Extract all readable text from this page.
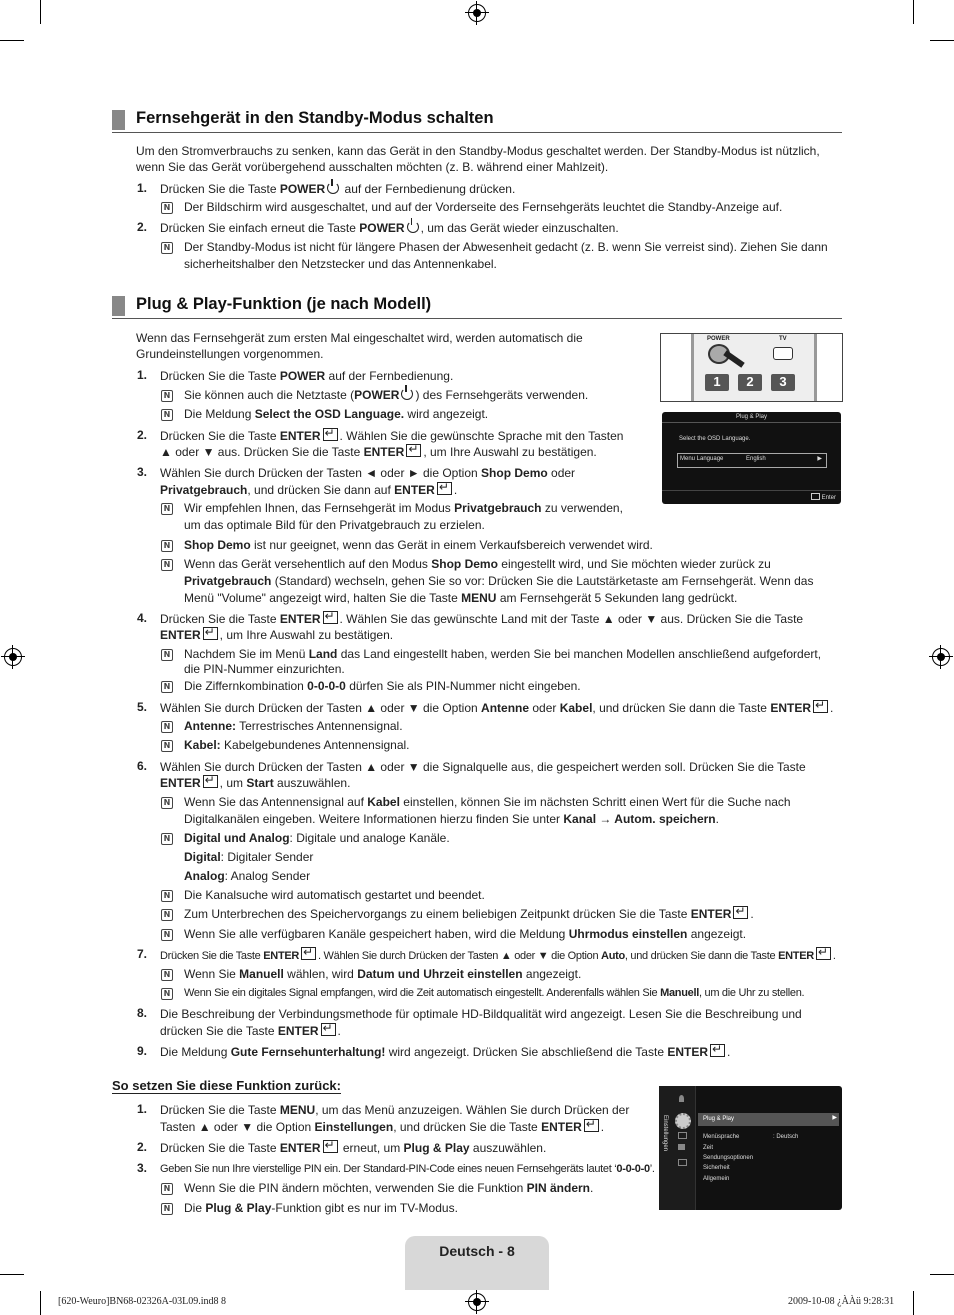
Fernsehgerät in den Standby-Modus schalten
Um den Stromverbrauchs zu senken, kann das Gerät in den Standby-Modus geschaltet werden. Der Standby-Modus ist nützlich,
wenn Sie das Gerät vorübergehend ausschalten möchten (z. B. während einer Mahlzeit).
1. Drücken Sie die Taste POWER auf der Fernbedienung drücken.
N
Der Bildschirm wird ausgeschaltet, und auf der Vorderseite des Fernsehgeräts leuchtet die Standby-Anzeige auf.
2. Drücken Sie einfach erneut die Taste POWER , um das Gerät wieder einzuschalten.
N
Der Standby-Modus ist nicht für längere Phasen der Abwesenheit gedacht (z. B. wenn Sie verreist sind). Ziehen Sie dann
sicherheitshalber den Netzstecker und das Antennenkabel.
Plug & Play-Funktion (je nach Modell)
Wenn das Fernsehgerät zum ersten Mal eingeschaltet wird, werden automatisch die
Grundeinstellungen vorgenommen.
POWER	TV
1	2	3
Plug & Play
Select the OSD Language.
Menu Language	English	▶
Enter
1. Drücken Sie die Taste POWER auf der Fernbedienung.
N
Sie können auch die Netztaste (POWER ) des Fernsehgeräts verwenden.
N
Die Meldung Select the OSD Language. wird angezeigt.
2. Drücken Sie die Taste ENTER ↵ . Wählen Sie die gewünschte Sprache mit den Tasten
▲ oder ▼ aus. Drücken Sie die Taste ENTER ↵ , um Ihre Auswahl zu bestätigen.
3. Wählen Sie durch Drücken der Tasten ◄ oder ► die Option Shop Demo oder
Privatgebrauch, und drücken Sie dann auf ENTER ↵ .
N
Wir empfehlen Ihnen, das Fernsehgerät im Modus Privatgebrauch zu verwenden,
um das optimale Bild für den Privatgebrauch zu erzielen.
N
Shop Demo ist nur geeignet, wenn das Gerät in einem Verkaufsbereich verwendet wird.
N
Wenn das Gerät versehentlich auf den Modus Shop Demo eingestellt wird, und Sie möchten wieder zurück zu
Privatgebrauch (Standard) wechseln, gehen Sie so vor: Drücken Sie die Lautstärketaste am Fernsehgerät. Wenn das
Menü "Volume" angezeigt wird, halten Sie die Taste MENU am Fernsehgerät 5 Sekunden lang gedrückt.
4. Drücken Sie die Taste ENTER ↵ . Wählen Sie das gewünschte Land mit der Taste ▲ oder ▼ aus. Drücken Sie die Taste
ENTER ↵ , um Ihre Auswahl zu bestätigen.
N
Nachdem Sie im Menü Land das Land eingestellt haben, werden Sie bei manchen Modellen anschließend aufgefordert,
die PIN-Nummer einzurichten.
N
Die Ziffernkombination 0-0-0-0 dürfen Sie als PIN-Nummer nicht eingeben.
5. Wählen Sie durch Drücken der Tasten ▲ oder ▼ die Option Antenne oder Kabel, und drücken Sie dann die Taste ENTER ↵ .
N
Antenne: Terrestrisches Antennensignal.
N
Kabel: Kabelgebundenes Antennensignal.
6. Wählen Sie durch Drücken der Tasten ▲ oder ▼ die Signalquelle aus, die gespeichert werden soll. Drücken Sie die Taste
ENTER ↵ , um Start auszuwählen.
N
Wenn Sie das Antennensignal auf Kabel einstellen, können Sie im nächsten Schritt einen Wert für die Suche nach
Digitalkanälen eingeben. Weitere Informationen hierzu finden Sie unter Kanal → Autom. speichern.
N
Digital und Analog: Digitale und analoge Kanäle.
Digital: Digitaler Sender
Analog: Analog Sender
N
Die Kanalsuche wird automatisch gestartet und beendet.
N
Zum Unterbrechen des Speichervorgangs zu einem beliebigen Zeitpunkt drücken Sie die Taste ENTER ↵ .
N
Wenn Sie alle verfügbaren Kanäle gespeichert haben, wird die Meldung Uhrmodus einstellen angezeigt.
7. Drücken Sie die Taste ENTER ↵ . Wählen Sie durch Drücken der Tasten ▲ oder ▼ die Option Auto, und drücken Sie dann die Taste ENTER ↵ .
N
Wenn Sie Manuell wählen, wird Datum und Uhrzeit einstellen angezeigt.
N
Wenn Sie ein digitales Signal empfangen, wird die Zeit automatisch eingestellt. Anderenfalls wählen Sie Manuell, um die Uhr zu stellen.
8. Die Beschreibung der Verbindungsmethode für optimale HD-Bildqualität wird angezeigt. Lesen Sie die Beschreibung und
drücken Sie die Taste ENTER ↵ .
9. Die Meldung Gute Fernsehunterhaltung! wird angezeigt. Drücken Sie abschließend die Taste ENTER ↵ .
So setzen Sie diese Funktion zurück:
1. Drücken Sie die Taste MENU, um das Menü anzuzeigen. Wählen Sie durch Drücken der
Tasten ▲ oder ▼ die Option Einstellungen, und drücken Sie die Taste ENTER ↵ .
2. Drücken Sie die Taste ENTER↵ erneut, um Plug & Play auszuwählen.
3. Geben Sie nun Ihre vierstellige PIN ein. Der Standard-PIN-Code eines neuen Fernsehgeräts lautet ‘0-0-0-0’.
N
Wenn Sie die PIN ändern möchten, verwenden Sie die Funktion PIN ändern.
N
Die Plug & Play-Funktion gibt es nur im TV-Modus.
Einstellungen	Plug & Play	▶
Menüsprache	: Deutsch
Zeit
Sendungsoptionen
Sicherheit
Allgemein
Deutsch - 8
[620-Weuro]BN68-02326A-03L09.ind8 8	2009-10-08 ¿ÀÀü 9:28:31
